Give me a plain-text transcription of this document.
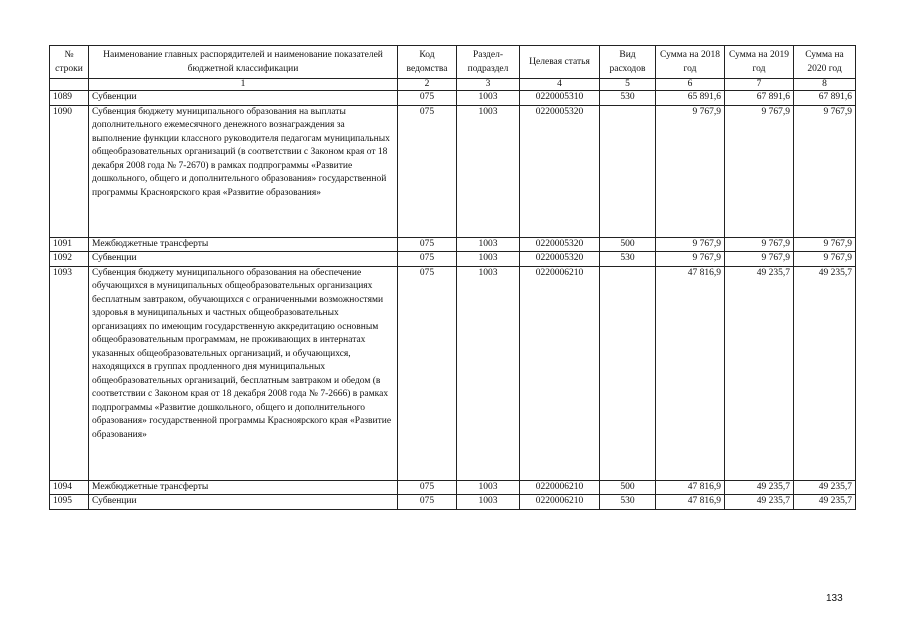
№ строки	Наименование главных распорядителей и наименование показателей бюджетной классификации	Код ведомства	Раздел-подраздел	Целевая статья	Вид расходов	Сумма на 2018 год	Сумма на 2019 год	Сумма на 2020 год
	1	2	3	4	5	6	7	8
1089	Субвенции	075	1003	0220005310	530	65 891,6	67 891,6	67 891,6
1090	Субвенция бюджету муниципального образования на выплаты дополнительного ежемесячного денежного вознаграждения за выполнение функции классного руководителя педагогам муниципальных общеобразовательных организаций (в соответствии с Законом края от 18 декабря 2008 года № 7-2670) в рамках подпрограммы «Развитие дошкольного, общего и дополнительного образования» государственной программы Красноярского края «Развитие образования»	075	1003	0220005320		9 767,9	9 767,9	9 767,9
1091	Межбюджетные трансферты	075	1003	0220005320	500	9 767,9	9 767,9	9 767,9
1092	Субвенции	075	1003	0220005320	530	9 767,9	9 767,9	9 767,9
1093	Субвенция бюджету муниципального образования на обеспечение обучающихся в муниципальных общеобразовательных организациях бесплатным завтраком, обучающихся с ограниченными возможностями здоровья в муниципальных и частных общеобразовательных организациях по имеющим государственную аккредитацию основным общеобразовательным программам, не проживающих в интернатах указанных общеобразовательных организаций, и обучающихся, находящихся в группах продленного дня муниципальных общеобразовательных организаций, бесплатным завтраком и обедом (в соответствии с Законом края от 18 декабря 2008 года № 7-2666) в рамках подпрограммы «Развитие дошкольного, общего и дополнительного образования» государственной программы Красноярского края «Развитие образования»	075	1003	0220006210		47 816,9	49 235,7	49 235,7
1094	Межбюджетные трансферты	075	1003	0220006210	500	47 816,9	49 235,7	49 235,7
1095	Субвенции	075	1003	0220006210	530	47 816,9	49 235,7	49 235,7
133
